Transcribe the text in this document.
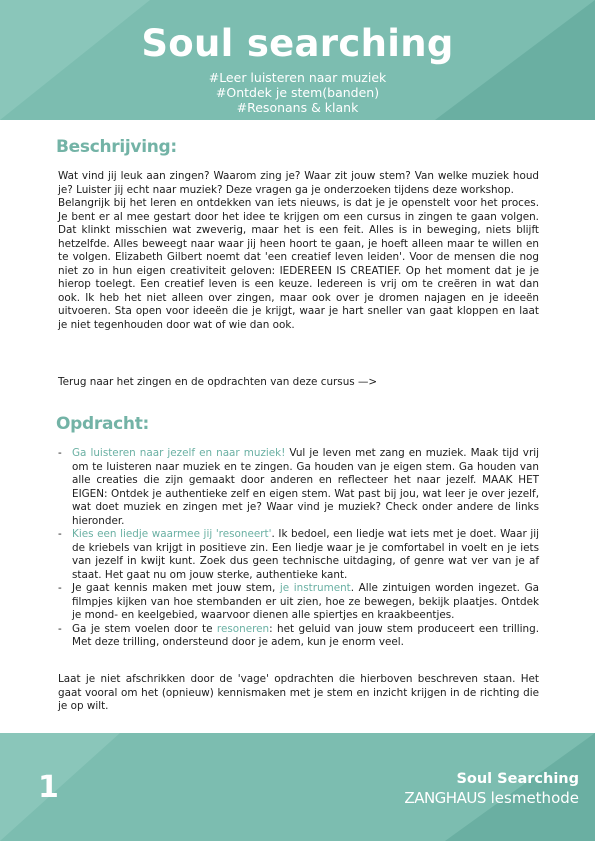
Soul searching
#Leer luisteren naar muziek
#Ontdek je stem(banden)
#Resonans & klank
Beschrijving:

Wat vind jij leuk aan zingen? Waarom zing je? Waar zit jouw stem? Van welke muziek houd je? Luister jij echt naar muziek? Deze vragen ga je onderzoeken tijdens deze workshop.

Belangrijk bij het leren en ontdekken van iets nieuws, is dat je je openstelt voor het proces. Je bent er al mee gestart door het idee te krijgen om een cursus in zingen te gaan volgen. Dat klinkt misschien wat zweverig, maar het is een feit. Alles is in beweging, niets blijft hetzelfde. Alles beweegt naar waar jij heen hoort te gaan, je hoeft alleen maar te willen en te volgen. Elizabeth Gilbert noemt dat 'een creatief leven leiden'. Voor de mensen die nog niet zo in hun eigen creativiteit geloven: IEDEREEN IS CREATIEF. Op het moment dat je je hierop toelegt. Een creatief leven is een keuze. Iedereen is vrij om te creëren in wat dan ook. Ik heb het niet alleen over zingen, maar ook over je dromen najagen en je ideeën uitvoeren. Sta open voor ideeën die je krijgt, waar je hart sneller van gaat kloppen en laat je niet tegenhouden door wat of wie dan ook.

Terug naar het zingen en de opdrachten van deze cursus —>
Opdracht:
- Ga luisteren naar jezelf en naar muziek! Vul je leven met zang en muziek. Maak tijd vrij om te luisteren naar muziek en te zingen. Ga houden van je eigen stem. Ga houden van alle creaties die zijn gemaakt door anderen en reflecteer het naar jezelf. MAAK HET EIGEN: Ontdek je authentieke zelf en eigen stem. Wat past bij jou, wat leer je over jezelf, wat doet muziek en zingen met je? Waar vind je muziek? Check onder andere de links hieronder.
- Kies een liedje waarmee jij 'resoneert'. Ik bedoel, een liedje wat iets met je doet. Waar jij de kriebels van krijgt in positieve zin. Een liedje waar je je comfortabel in voelt en je iets van jezelf in kwijt kunt. Zoek dus geen technische uitdaging, of genre wat ver van je af staat. Het gaat nu om jouw sterke, authentieke kant.
- Je gaat kennis maken met jouw stem, je instrument. Alle zintuigen worden ingezet. Ga filmpjes kijken van hoe stembanden er uit zien, hoe ze bewegen, bekijk plaatjes. Ontdek je mond- en keelgebied, waarvoor dienen alle spiertjes en kraakbeentjes.
- Ga je stem voelen door te resoneren: het geluid van jouw stem produceert een trilling. Met deze trilling, ondersteund door je adem, kun je enorm veel.
Laat je niet afschrikken door de 'vage' opdrachten die hierboven beschreven staan. Het gaat vooral om het (opnieuw) kennismaken met je stem en inzicht krijgen in de richting die je op wilt.
1	Soul Searching
ZANGHAUS lesmethode
